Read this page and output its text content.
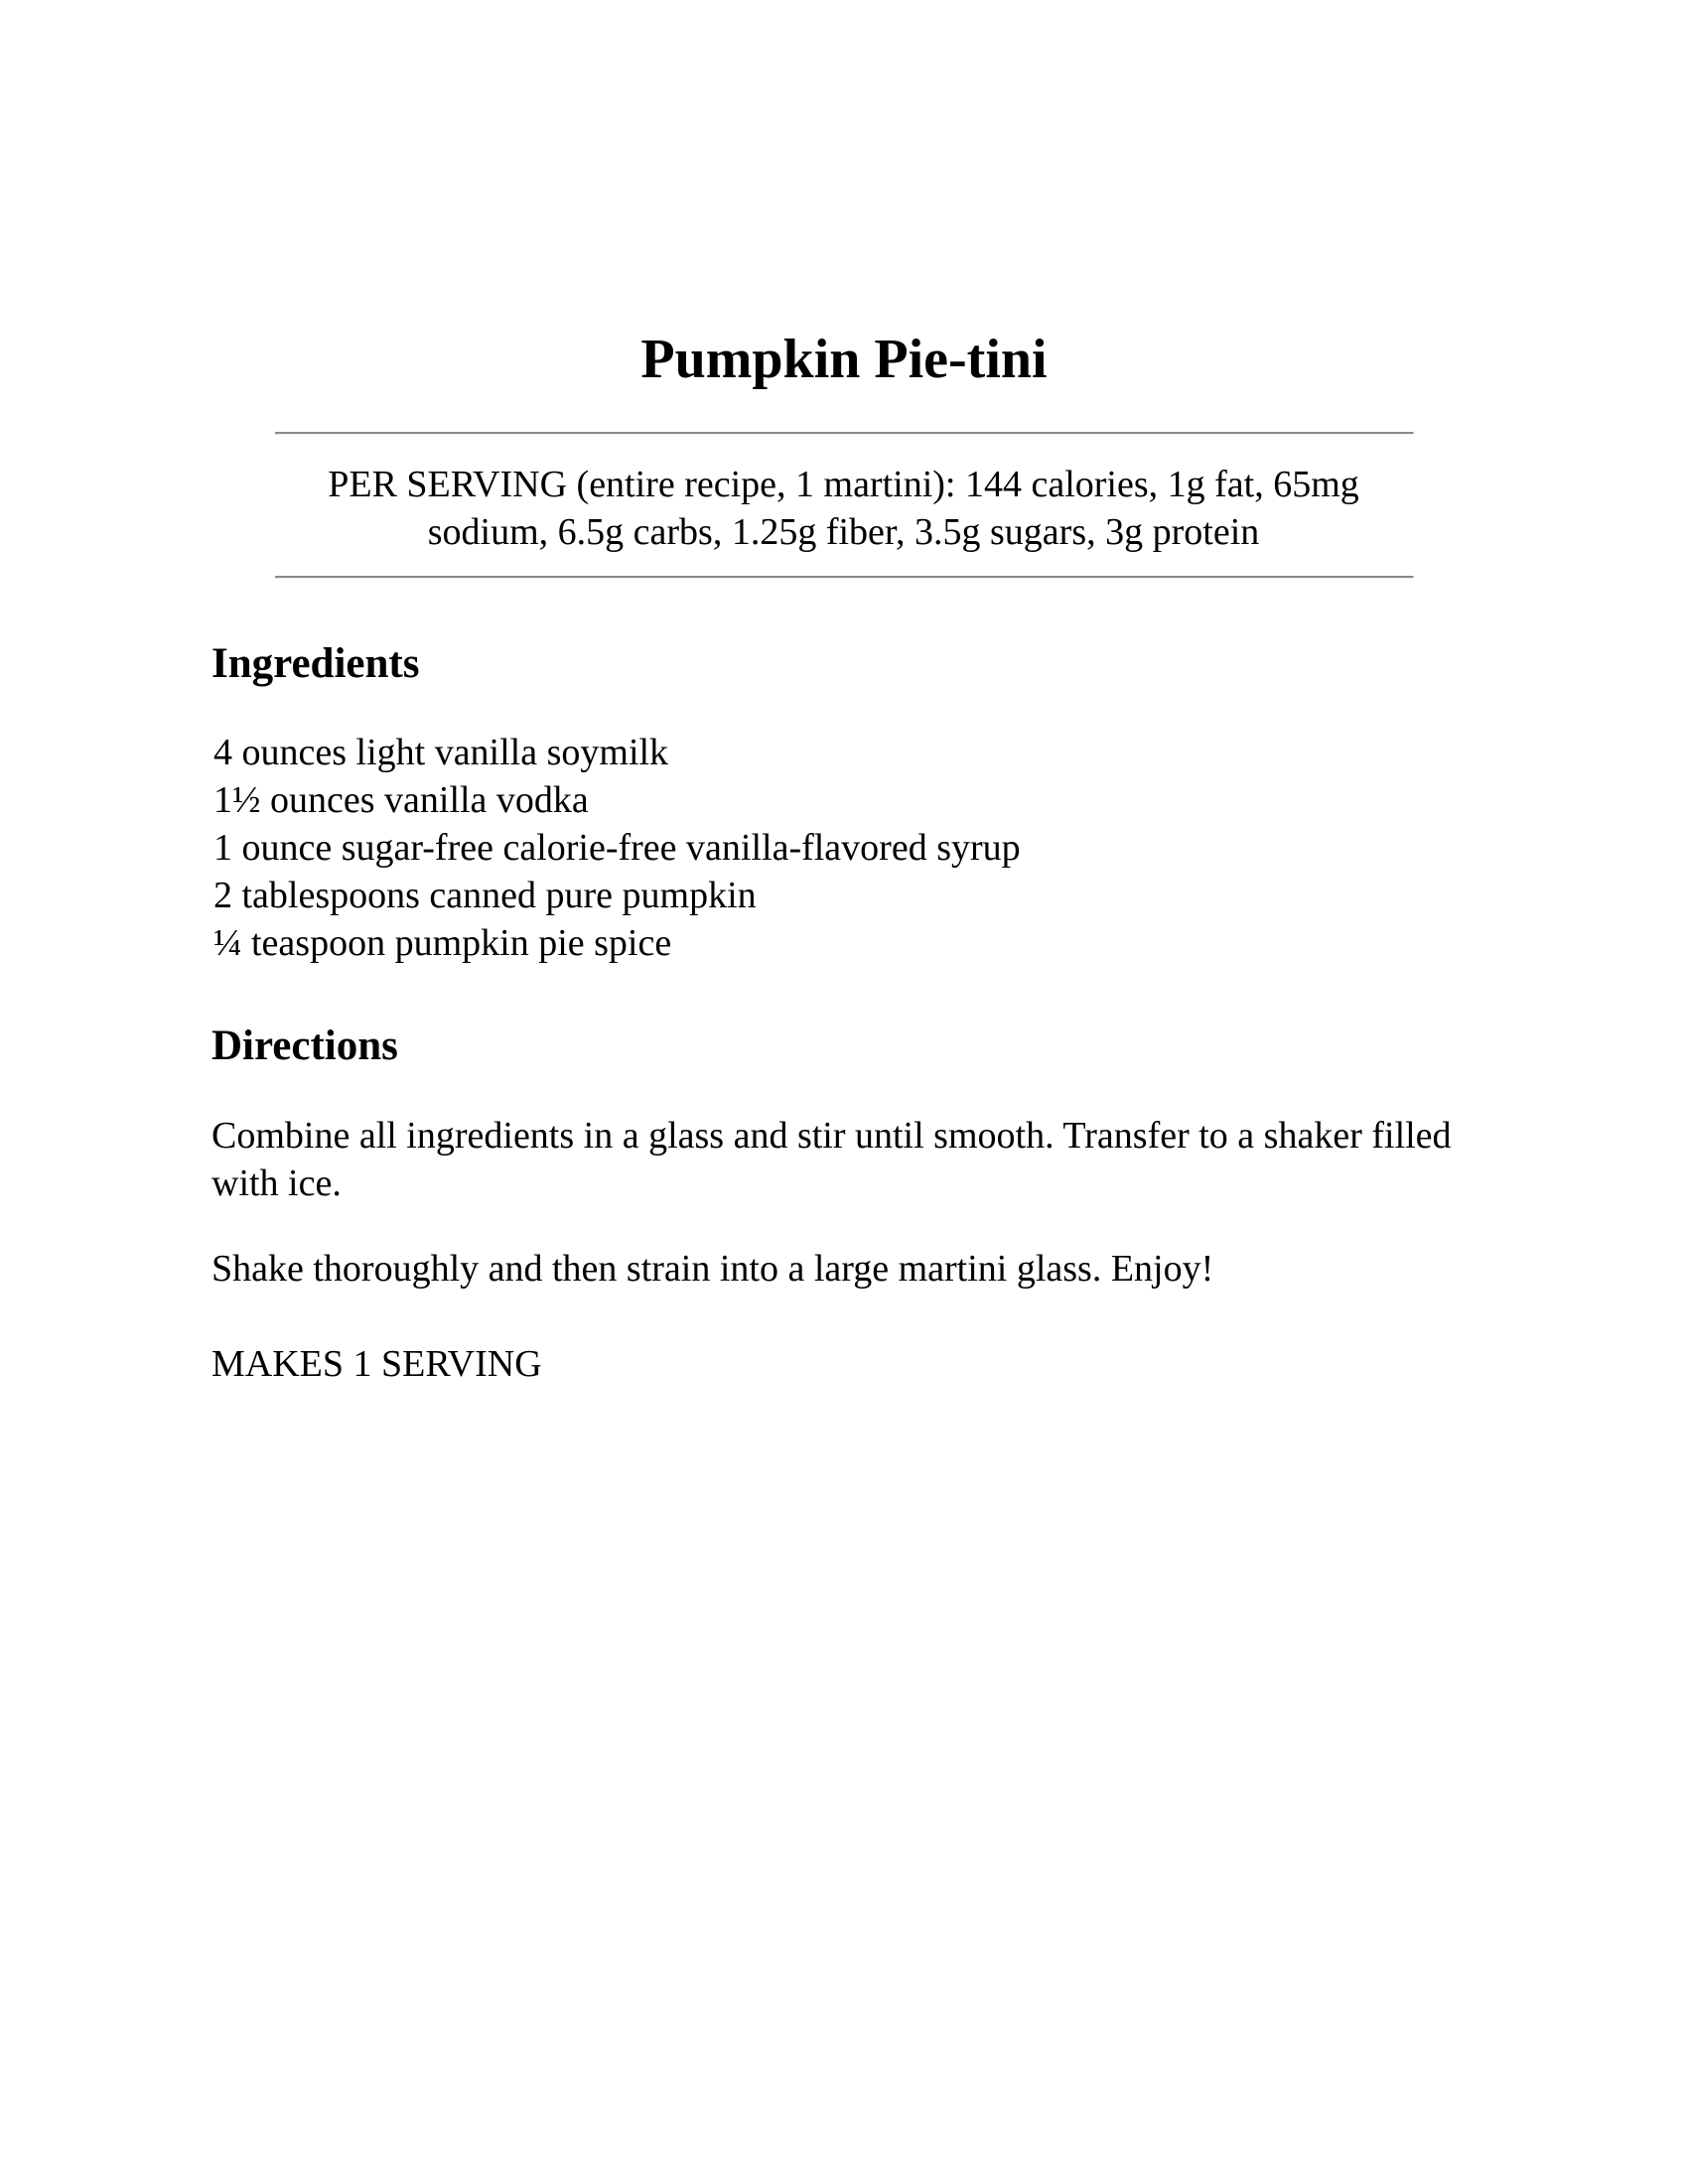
Pumpkin Pie-tini

PER SERVING (entire recipe, 1 martini): 144 calories, 1g fat, 65mg
sodium, 6.5g carbs, 1.25g fiber, 3.5g sugars, 3g protein

Ingredients
4 ounces light vanilla soymilk
1½ ounces vanilla vodka
1 ounce sugar-free calorie-free vanilla-flavored syrup
2 tablespoons canned pure pumpkin
¼ teaspoon pumpkin pie spice
Directions

Combine all ingredients in a glass and stir until smooth. Transfer to a shaker filled with ice.

Shake thoroughly and then strain into a large martini glass. Enjoy!

MAKES 1 SERVING
